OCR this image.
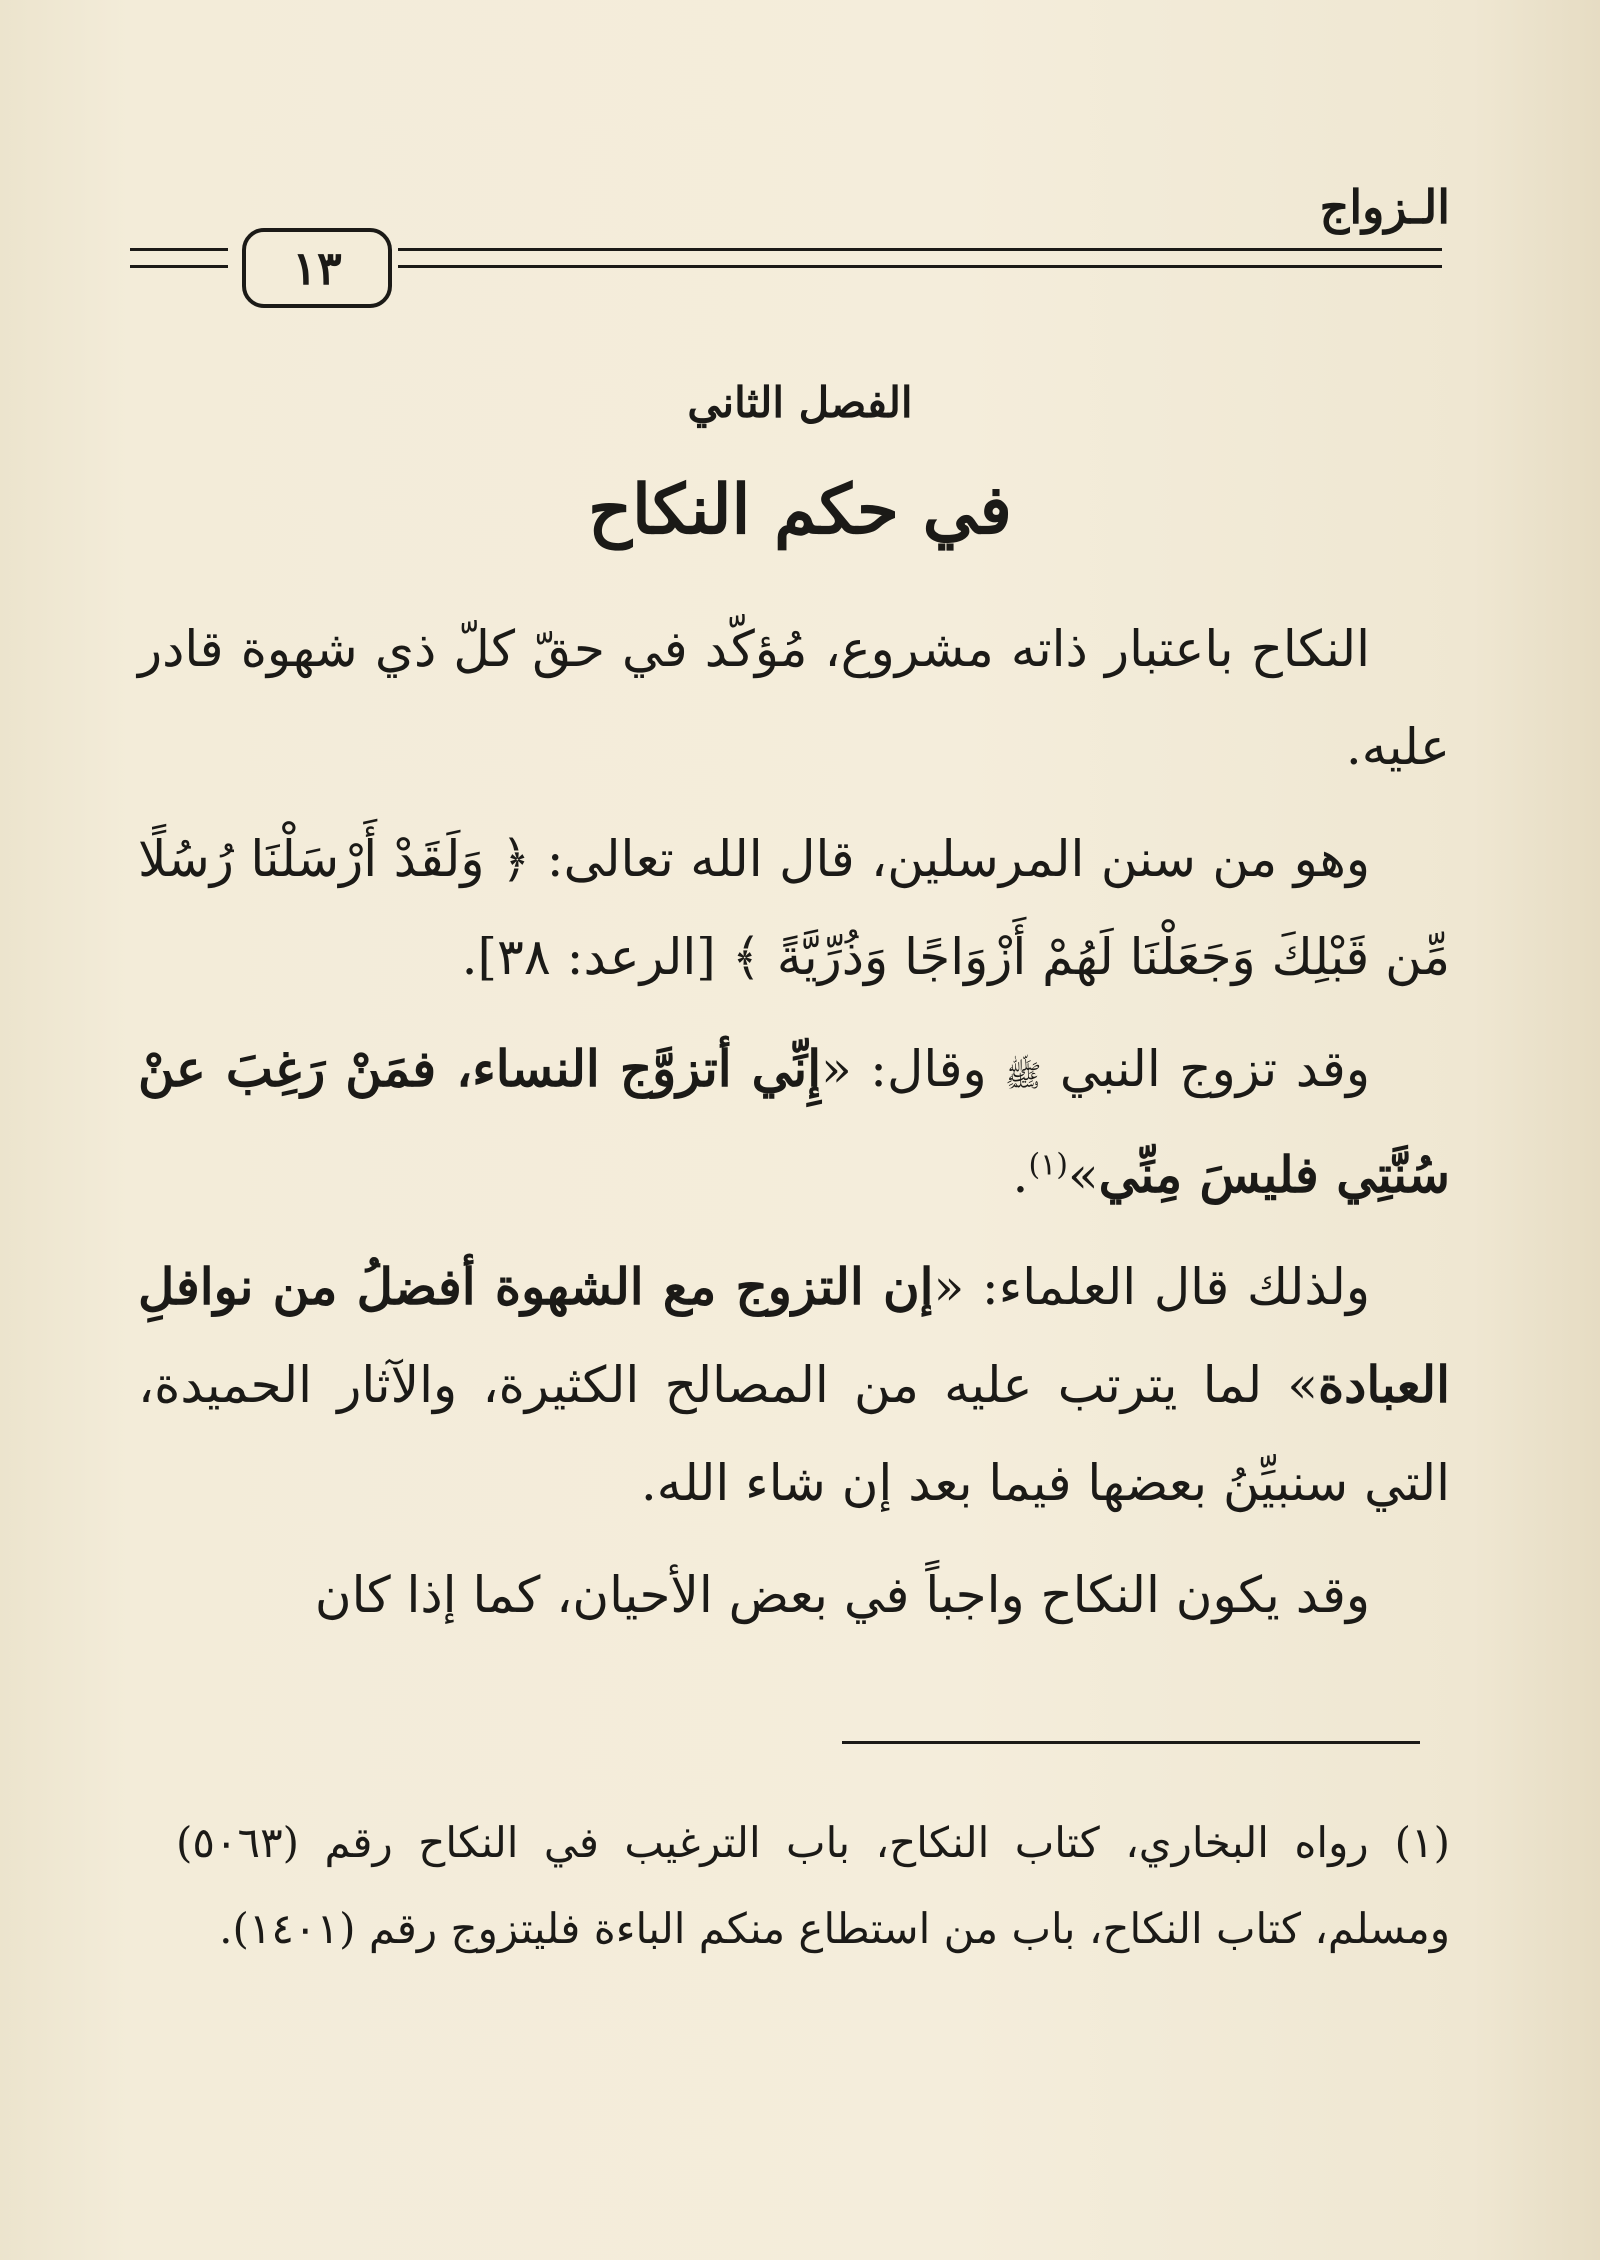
الـزواج
١٣
الفصل الثاني
في حكم النكاح

النكاح باعتبار ذاته مشروع، مُؤكّد في حقّ كلّ ذي شهوة قادر عليه.

وهو من سنن المرسلين، قال الله تعالى: ﴿ وَلَقَدْ أَرْسَلْنَا رُسُلًا مِّن قَبْلِكَ وَجَعَلْنَا لَهُمْ أَزْوَاجًا وَذُرِّيَّةً ﴾ [الرعد: ٣٨].

وقد تزوج النبي ﷺ وقال: «إِنِّي أتزوَّج النساء، فمَنْ رَغِبَ عنْ سُنَّتِي فليسَ مِنِّي»$^{(١)}$.

ولذلك قال العلماء: «إن التزوج مع الشهوة أفضلُ من نوافلِ العبادة» لما يترتب عليه من المصالح الكثيرة، والآثار الحميدة، التي سنبيِّنُ بعضها فيما بعد إن شاء الله.

وقد يكون النكاح واجباً في بعض الأحيان، كما إذا كان

(١)رواه البخاري، كتاب النكاح، باب الترغيب في النكاح رقم (٥٠٦٣) ومسلم، كتاب النكاح، باب من استطاع منكم الباءة فليتزوج رقم (١٤٠١).
